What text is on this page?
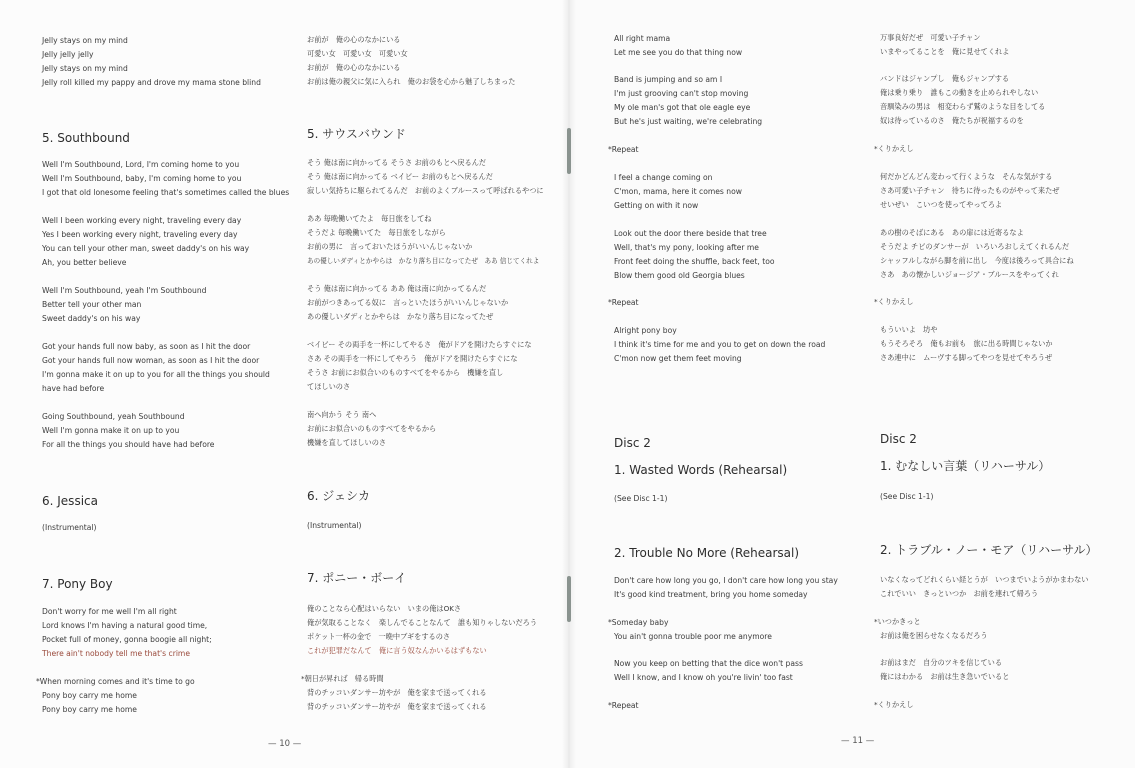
Jelly stays on my mind
Jelly jelly jelly
Jelly stays on my mind
Jelly roll killed my pappy and drove my mama stone blind
5. Southbound
Well I'm Southbound, Lord, I'm coming home to you
Well I'm Southbound, baby, I'm coming home to you
I got that old lonesome feeling that's sometimes called the blues
Well I been working every night, traveling every day
Yes I been working every night, traveling every day
You can tell your other man, sweet daddy's on his way
Ah, you better believe
Well I'm Southbound, yeah I'm Southbound
Better tell your other man
Sweet daddy's on his way
Got your hands full now baby, as soon as I hit the door
Got your hands full now woman, as soon as I hit the door
I'm gonna make it on up to you for all the things you should
have had before
Going Southbound, yeah Southbound
Well I'm gonna make it on up to you
For all the things you should have had before
6. Jessica
(Instrumental)
7. Pony Boy
Don't worry for me well I'm all right
Lord knows I'm having a natural good time,
Pocket full of money, gonna boogie all night;
There ain't nobody tell me that's crime
*When morning comes and it's time to go
Pony boy carry me home
Pony boy carry me home
お前が　俺の心のなかにいる
可愛い女　可愛い女　可愛い女
お前が　俺の心のなかにいる
お前は俺の親父に気に入られ　俺のお袋を心から魅了しちまった
5. サウスバウンド
そう 俺は南に向かってる そうさ お前のもとへ戻るんだ
そう 俺は南に向かってる ベイビー お前のもとへ戻るんだ
寂しい気持ちに駆られてるんだ　お前のよくブルースって呼ばれるやつに
ああ 毎晩働いてたよ　毎日旅をしてね
そうだよ 毎晩働いてた　毎日旅をしながら
お前の男に　言っておいたほうがいいんじゃないか
あの優しいダディとかやらは　かなり落ち目になってたぜ　ああ 信じてくれよ
そう 俺は南に向かってる ああ 俺は南に向かってるんだ
お前がつきあってる奴に　言っといたほうがいいんじゃないか
あの優しいダディとかやらは　かなり落ち目になってたぜ
ベイビー その両手を一杯にしてやるさ　俺がドアを開けたらすぐにな
さあ その両手を一杯にしてやろう　俺がドアを開けたらすぐにな
そうさ お前にお似合いのものすべてをやるから　機嫌を直し
てほしいのさ
南へ向かう そう 南へ
お前にお似合いのものすべてをやるから
機嫌を直してほしいのさ
6. ジェシカ
(Instrumental)
7. ポニー・ボーイ
俺のことなら心配はいらない　いまの俺はOKさ
俺が気取ることなく　楽しんでることなんて　誰も知りゃしないだろう
ポケット一杯の金で　一晩中ブギをするのさ
これが犯罪だなんて　俺に言う奴なんかいるはずもない
*朝日が昇れば　帰る時間
背のチッコいダンサー坊やが　俺を家まで送ってくれる
背のチッコいダンサー坊やが　俺を家まで送ってくれる
— 10 —
All right mama
Let me see you do that thing now
Band is jumping and so am I
I'm just grooving can't stop moving
My ole man's got that ole eagle eye
But he's just waiting, we're celebrating
*Repeat
I feel a change coming on
C'mon, mama, here it comes now
Getting on with it now
Look out the door there beside that tree
Well, that's my pony, looking after me
Front feet doing the shuffle, back feet, too
Blow them good old Georgia blues
*Repeat
Alright pony boy
I think it's time for me and you to get on down the road
C'mon now get them feet moving
Disc 2
1. Wasted Words (Rehearsal)
(See Disc 1-1)
2. Trouble No More (Rehearsal)
Don't care how long you go, I don't care how long you stay
It's good kind treatment, bring you home someday
*Someday baby
You ain't gonna trouble poor me anymore
Now you keep on betting that the dice won't pass
Well I know, and I know oh you're livin' too fast
*Repeat
万事良好だぜ　可愛い子チャン
いまやってることを　俺に見せてくれよ
バンドはジャンプし　俺もジャンプする
俺は乗り乗り　誰もこの動きを止められやしない
音馴染みの男は　相変わらず鷲のような目をしてる
奴は待っているのさ　俺たちが祝福するのを
*くりかえし
何だかどんどん変わって行くような　そんな気がする
さあ可愛い子チャン　待ちに待ったものがやって来たぜ
せいぜい　こいつを使ってやってろよ
あの樹のそばにある　あの扉には近寄るなよ
そうだよ チビのダンサーが　いろいろおしえてくれるんだ
シャッフルしながら脚を前に出し　今度は後ろって具合にね
さあ　あの懐かしいジョージア・ブルースをやってくれ
*くりかえし
もういいよ　坊や
もうそろそろ　俺もお前も　旅に出る時間じゃないか
さあ連中に　ムーヴする脚ってやつを見せてやろうぜ
Disc 2
1. むなしい言葉（リハーサル）
(See Disc 1-1)
2. トラブル・ノー・モア（リハーサル）
いなくなってどれくらい経とうが　いつまでいようがかまわない
これでいい　きっといつか　お前を連れて帰ろう
*いつかきっと
お前は俺を困らせなくなるだろう
お前はまだ　自分のツキを信じている
俺にはわかる　お前は生き急いでいると
*くりかえし
— 11 —
